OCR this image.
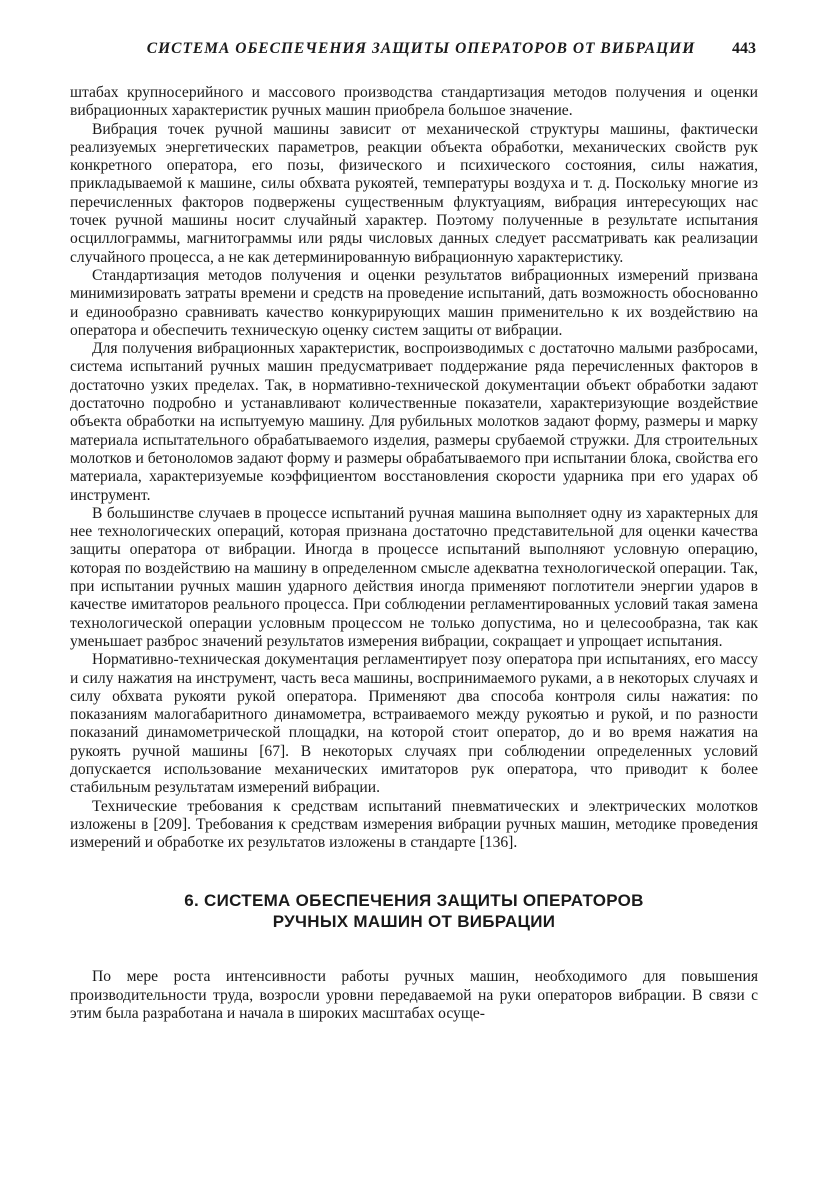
СИСТЕМА ОБЕСПЕЧЕНИЯ ЗАЩИТЫ ОПЕРАТОРОВ ОТ ВИБРАЦИИ	443

штабах крупносерийного и массового производства стандартизация методов получения и оценки вибрационных характеристик ручных машин приобрела большое значение.

Вибрация точек ручной машины зависит от механической структуры машины, фактически реализуемых энергетических параметров, реакции объекта обработки, механических свойств рук конкретного оператора, его позы, физического и психического состояния, силы нажатия, прикладываемой к машине, силы обхвата рукоятей, температуры воздуха и т. д. Поскольку многие из перечисленных факторов подвержены существенным флуктуациям, вибрация интересующих нас точек ручной машины носит случайный характер. Поэтому полученные в результате испытания осциллограммы, магнитограммы или ряды числовых данных следует рассматривать как реализации случайного процесса, а не как детерминированную вибрационную характеристику.

Стандартизация методов получения и оценки результатов вибрационных измерений призвана минимизировать затраты времени и средств на проведение испытаний, дать возможность обоснованно и единообразно сравнивать качество конкурирующих машин применительно к их воздействию на оператора и обеспечить техническую оценку систем защиты от вибрации.

Для получения вибрационных характеристик, воспроизводимых с достаточно малыми разбросами, система испытаний ручных машин предусматривает поддержание ряда перечисленных факторов в достаточно узких пределах. Так, в нормативно-технической документации объект обработки задают достаточно подробно и устанавливают количественные показатели, характеризующие воздействие объекта обработки на испытуемую машину. Для рубильных молотков задают форму, размеры и марку материала испытательного обрабатываемого изделия, размеры срубаемой стружки. Для строительных молотков и бетоноломов задают форму и размеры обрабатываемого при испытании блока, свойства его материала, характеризуемые коэффициентом восстановления скорости ударника при его ударах об инструмент.

В большинстве случаев в процессе испытаний ручная машина выполняет одну из характерных для нее технологических операций, которая признана достаточно представительной для оценки качества защиты оператора от вибрации. Иногда в процессе испытаний выполняют условную операцию, которая по воздействию на машину в определенном смысле адекватна технологической операции. Так, при испытании ручных машин ударного действия иногда применяют поглотители энергии ударов в качестве имитаторов реального процесса. При соблюдении регламентированных условий такая замена технологической операции условным процессом не только допустима, но и целесообразна, так как уменьшает разброс значений результатов измерения вибрации, сокращает и упрощает испытания.

Нормативно-техническая документация регламентирует позу оператора при испытаниях, его массу и силу нажатия на инструмент, часть веса машины, воспринимаемого руками, а в некоторых случаях и силу обхвата рукояти рукой оператора. Применяют два способа контроля силы нажатия: по показаниям малогабаритного динамометра, встраиваемого между рукоятью и рукой, и по разности показаний динамометрической площадки, на которой стоит оператор, до и во время нажатия на рукоять ручной машины [67]. В некоторых случаях при соблюдении определенных условий допускается использование механических имитаторов рук оператора, что приводит к более стабильным результатам измерений вибрации.

Технические требования к средствам испытаний пневматических и электрических молотков изложены в [209]. Требования к средствам измерения вибрации ручных машин, методике проведения измерений и обработке их результатов изложены в стандарте [136].

6. СИСТЕМА ОБЕСПЕЧЕНИЯ ЗАЩИТЫ ОПЕРАТОРОВ
РУЧНЫХ МАШИН ОТ ВИБРАЦИИ

По мере роста интенсивности работы ручных машин, необходимого для повышения производительности труда, возросли уровни передаваемой на руки операторов вибрации. В связи с этим была разработана и начала в широких масштабах осуще-
